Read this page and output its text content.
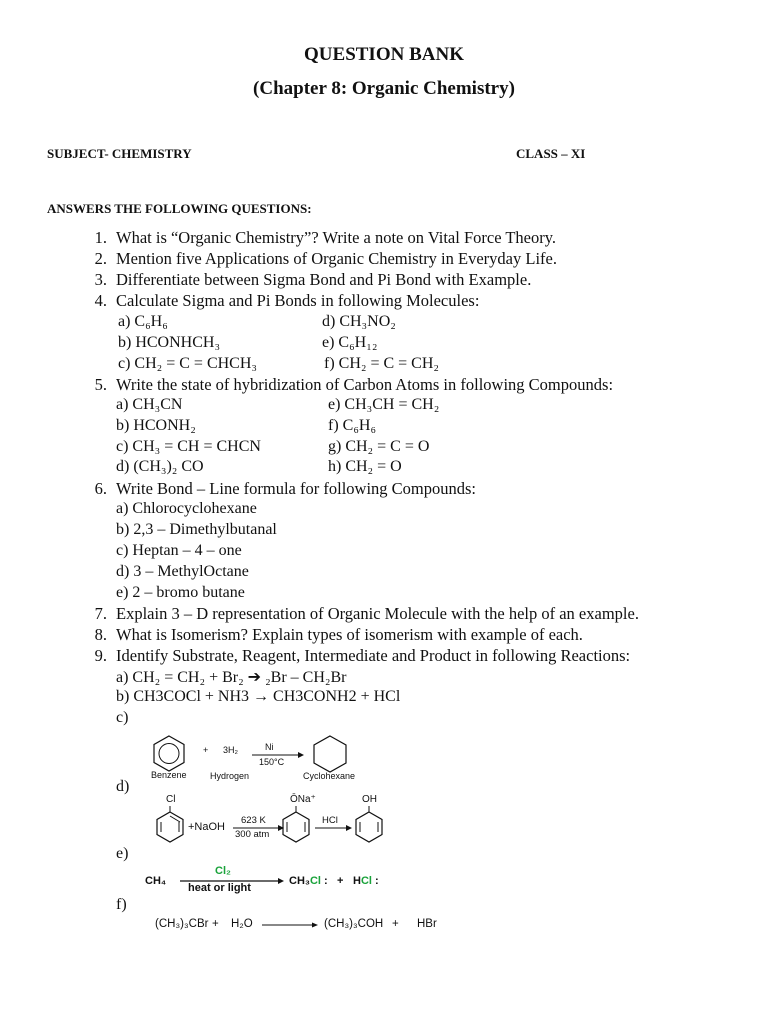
QUESTION BANK
(Chapter 8: Organic Chemistry)
SUBJECT- CHEMISTRY	CLASS – XI
ANSWERS THE FOLLOWING QUESTIONS:
1. What is “Organic Chemistry”? Write a note on Vital Force Theory.
2. Mention five Applications of Organic Chemistry in Everyday Life.
3. Differentiate between Sigma Bond and Pi Bond with Example.
4. Calculate Sigma and Pi Bonds in following Molecules:
a) C₆H₆	d) CH₃NO₂
b) HCONHCH₃	e) C₆H₁₂
c) CH₂ = C = CHCH₃	f) CH₂ = C = CH₂
5. Write the state of hybridization of Carbon Atoms in following Compounds:
a) CH₃CN	e) CH₃CH = CH₂
b) HCONH₂	f) C₆H₆
c) CH₃ = CH = CHCN	g) CH₂ = C = O
d) (CH₃)₂ CO	h) CH₂ = O
6. Write Bond – Line formula for following Compounds:
a) Chlorocyclohexane
b) 2,3 – Dimethylbutanal
c) Heptan – 4 – one
d) 3 – MethylOctane
e) 2 – bromo butane
7. Explain 3 – D representation of Organic Molecule with the help of an example.
8. What is Isomerism? Explain types of isomerism with example of each.
9. Identify Substrate, Reagent, Intermediate and Product in following Reactions:
a) CH₂ = CH₂ + Br₂ ➔ ₂Br – CH₂Br
b) CH3COCl + NH3 → CH3CONH2 + HCl
c)
+ 3H₂	Ni
150°C
Benzene	Hydrogen	Cyclohexane
d)
Cl	ŌNa⁺	OH
+NaOH
623 K
300 atm
HCl
e)
CH₄
Cl₂
heat or light
CH₃Cl : + HCl :
f)
(CH₃)₃CBr + H₂O	(CH₃)₃COH + HBr
